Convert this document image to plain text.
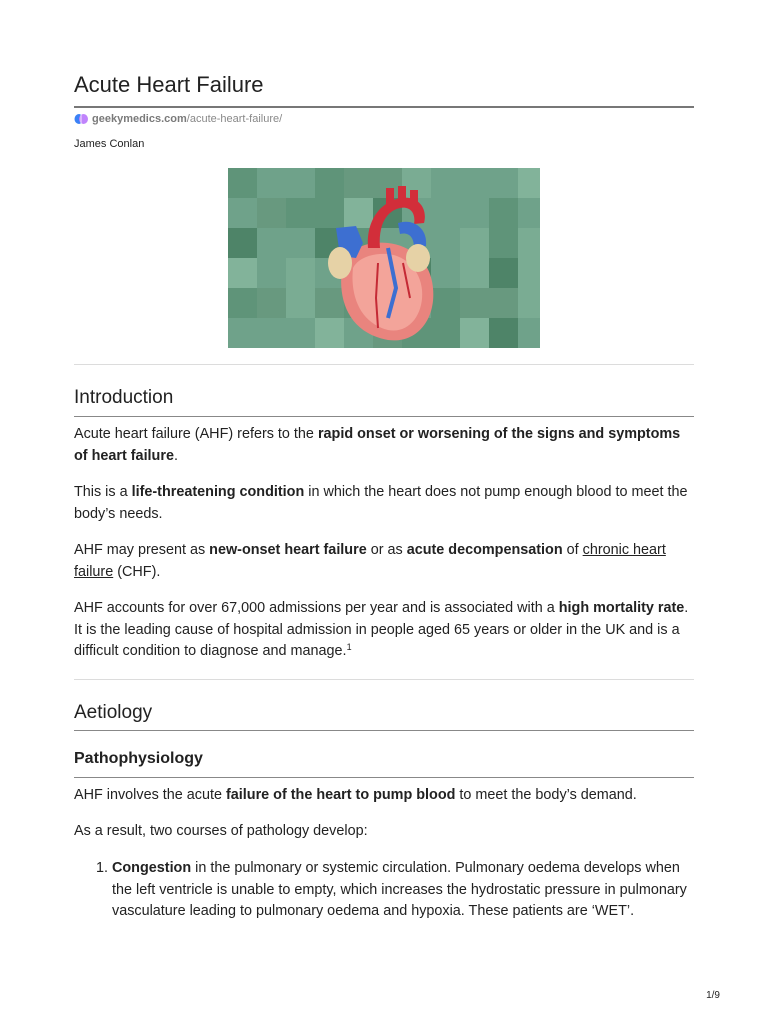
Acute Heart Failure
geekymedics.com /acute-heart-failure/
James Conlan
Introduction

Acute heart failure (AHF) refers to the rapid onset or worsening of the signs and symptoms of heart failure.

This is a life-threatening condition in which the heart does not pump enough blood to meet the body’s needs.

AHF may present as new-onset heart failure or as acute decompensation of chronic heart failure (CHF).

AHF accounts for over 67,000 admissions per year and is associated with a high mortality rate. It is the leading cause of hospital admission in people aged 65 years or older in the UK and is a difficult condition to diagnose and manage.$^1$

Aetiology
Pathophysiology

AHF involves the acute failure of the heart to pump blood to meet the body’s demand.

As a result, two courses of pathology develop:

1. Congestion in the pulmonary or systemic circulation. Pulmonary oedema develops when the left ventricle is unable to empty, which increases the hydrostatic pressure in pulmonary vasculature leading to pulmonary oedema and hypoxia. These patients are ‘WET’.
1/9
